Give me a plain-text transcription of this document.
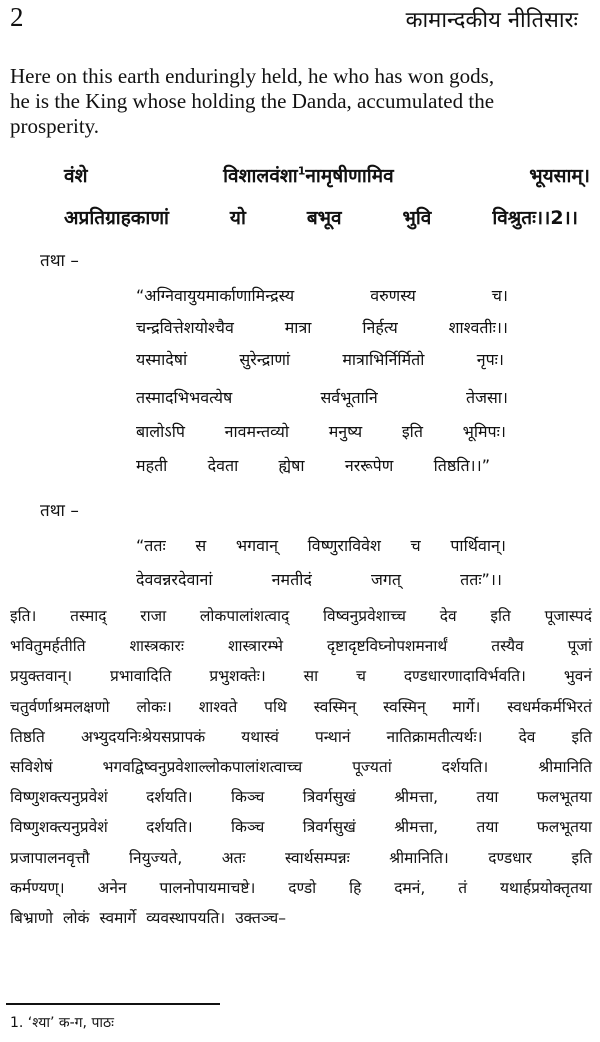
2	कामान्दकीय नीतिसारः
Here on this earth enduringly held, he who has won gods,
he is the King whose holding the Danda, accumulated the
prosperity.
वंशे	विशालवंशा$^1$नामृषीणामिव	भूयसाम्।
अप्रतिग्राहकाणां	यो	बभूव	भुवि	विश्रुतः।।2।।
तथा –
“अग्निवायुयमार्काणामिन्द्रस्य	वरुणस्य	च।
चन्द्रवित्तेशयोश्चैव	मात्रा	निर्हत्य	शाश्वतीः।।
यस्मादेषां	सुरेन्द्राणां	मात्राभिर्निर्मितो	नृपः।
तस्मादभिभवत्येष	सर्वभूतानि	तेजसा।
बालोऽपि नावमन्तव्यो मनुष्य इति भूमिपः।
महती	देवता	ह्येषा	नररूपेण	तिष्ठति।।”
तथा –
“ततः स भगवान् विष्णुराविवेश च पार्थिवान्।
देववन्नरदेवानां	नमतीदं	जगत्	ततः”।।
इति। तस्माद् राजा लोकपालांशत्वाद् विष्वनुप्रवेशाच्च देव इति पूजास्पदं
भवितुमर्हतीति	शास्त्रकारः	शास्त्रारम्भे	दृष्टादृष्टविघ्नोपशमनार्थं	तस्यैव	पूजां
प्रयुक्तवान्। प्रभावादिति प्रभुशक्तेः। सा च दण्डधारणादाविर्भवति। भुवनं
चतुर्वर्णाश्रमलक्षणो लोकः। शाश्वते पथि स्वस्मिन् स्वस्मिन् मार्गे। स्वधर्मकर्मभिरतं
तिष्ठति अभ्युदयनिःश्रेयसप्रापकं यथास्वं पन्थानं नातिक्रामतीत्यर्थः। देव इति
सविशेषं	भगवद्विष्वनुप्रवेशाल्लोकपालांशत्वाच्च	पूज्यतां	दर्शयति।	श्रीमानिति
विष्णुशक्त्यनुप्रवेशं दर्शयति। किञ्च त्रिवर्गसुखं श्रीमत्ता, तया फलभूतया
विष्णुशक्त्यनुप्रवेशं दर्शयति। किञ्च त्रिवर्गसुखं श्रीमत्ता, तया फलभूतया
प्रजापालनवृत्तौ	नियुज्यते,	अतः	स्वार्थसम्पन्नः	श्रीमानिति।	दण्डधार	इति
कर्मण्यण्। अनेन पालनोपायमाचष्टे। दण्डो हि दमनं, तं यथार्हप्रयोक्तृतया
बिभ्राणो लोकं स्वमार्गे व्यवस्थापयति। उक्तञ्च–
1. ‘श्या’ क-ग, पाठः
